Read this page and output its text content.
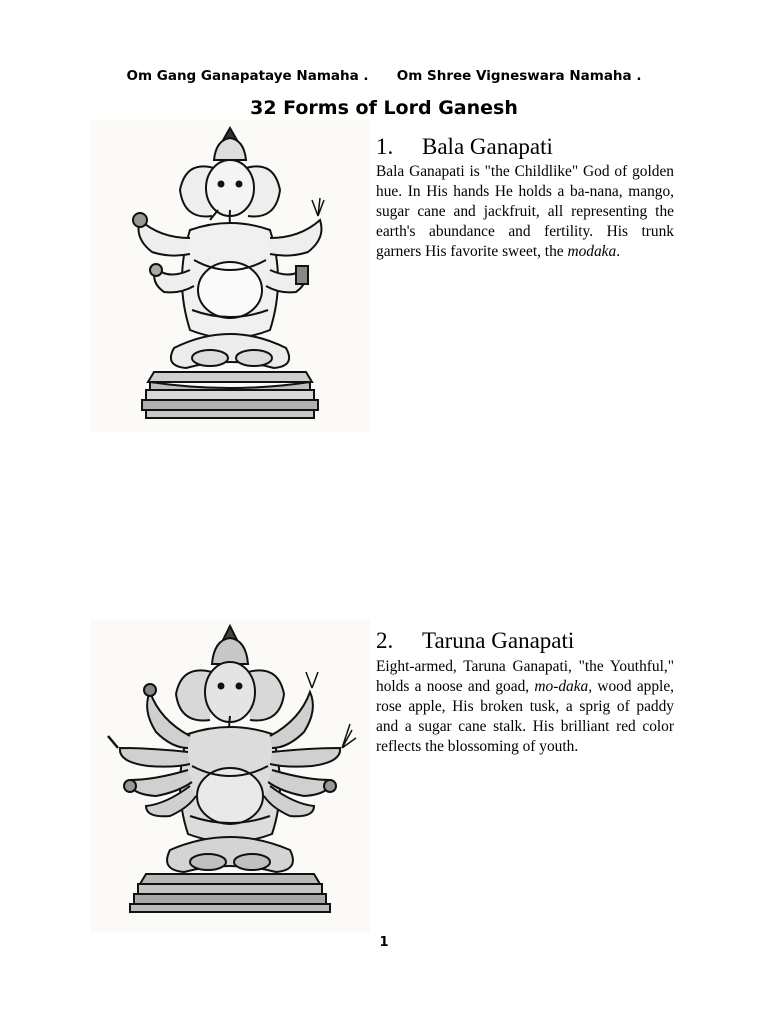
Om Gang Ganapataye Namaha . Om Shree Vigneswara Namaha .
32 Forms of Lord Ganesh
1. Bala Ganapati
Bala Ganapati is "the Childlike" God of golden hue. In His hands He holds a ba-nana, mango, sugar cane and jackfruit, all representing the earth's abundance and fertility. His trunk garners His favorite sweet, the modaka.
2. Taruna Ganapati
Eight-armed, Taruna Ganapati, "the Youthful," holds a noose and goad, mo-daka, wood apple, rose apple, His broken tusk, a sprig of paddy and a sugar cane stalk. His brilliant red color reflects the blossoming of youth.
1
